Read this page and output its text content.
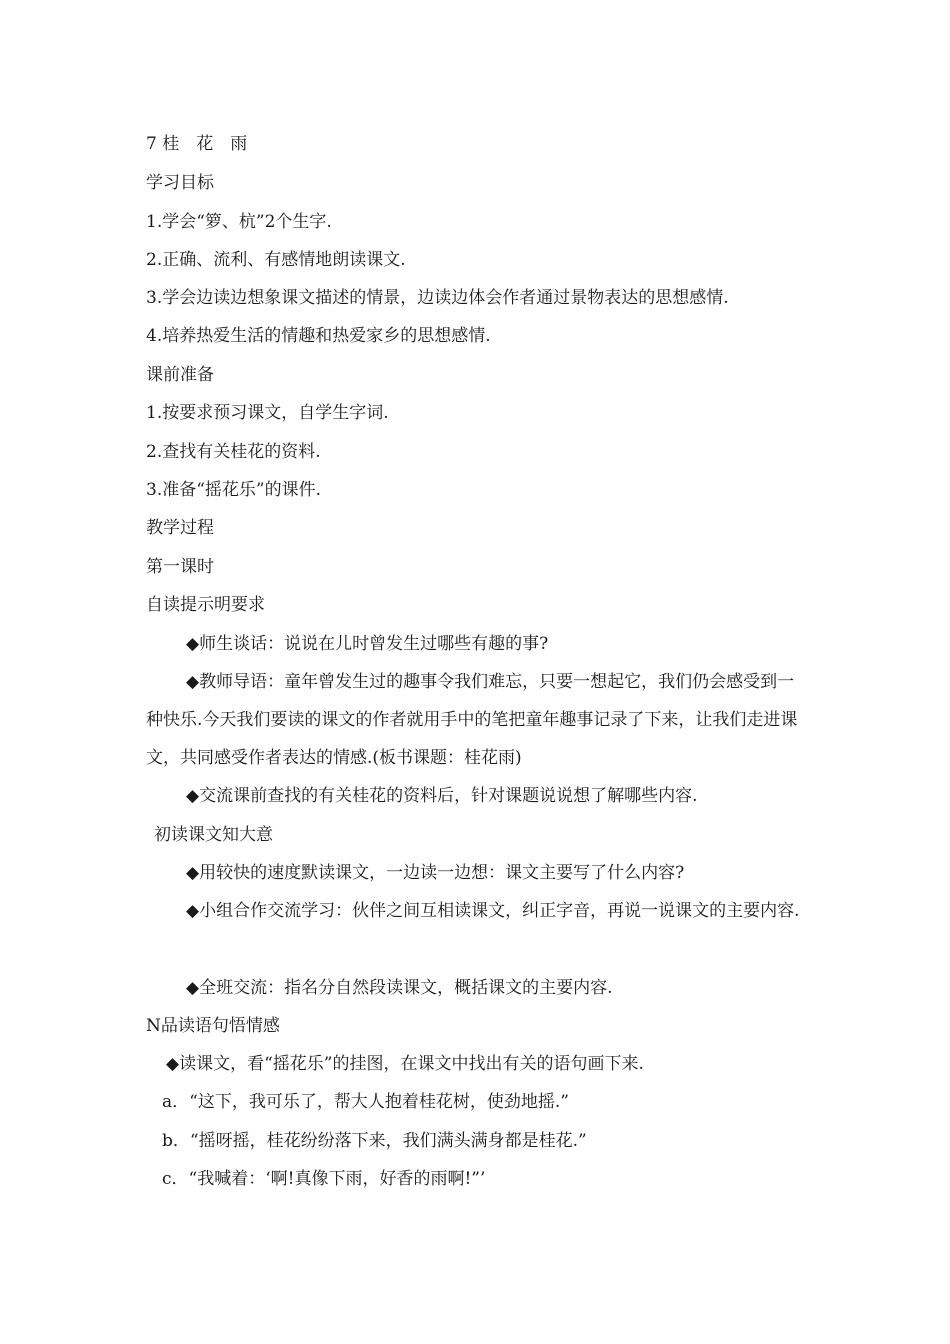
7 桂　花　雨
学习目标
1.学会“箩、杭”2个生字.
2.正确、流利、有感情地朗读课文.
3.学会边读边想象课文描述的情景，边读边体会作者通过景物表达的思想感情.
4.培养热爱生活的情趣和热爱家乡的思想感情.
课前准备
1.按要求预习课文，自学生字词.
2.查找有关桂花的资料.
3.准备“摇花乐”的课件.
教学过程
第一课时
自读提示明要求
◆师生谈话：说说在儿时曾发生过哪些有趣的事?
◆教师导语：童年曾发生过的趣事令我们难忘，只要一想起它，我们仍会感受到一种快乐.今天我们要读的课文的作者就用手中的笔把童年趣事记录了下来，让我们走进课文，共同感受作者表达的情感.(板书课题：桂花雨)
◆交流课前查找的有关桂花的资料后，针对课题说说想了解哪些内容.
初读课文知大意
◆用较快的速度默读课文，一边读一边想：课文主要写了什么内容?
◆小组合作交流学习：伙伴之间互相读课文，纠正字音，再说一说课文的主要内容.
◆全班交流：指名分自然段读课文，概括课文的主要内容.
N品读语句悟情感
◆读课文，看“摇花乐”的挂图，在课文中找出有关的语句画下来.
a．“这下，我可乐了，帮大人抱着桂花树，使劲地摇.”
b．“摇呀摇，桂花纷纷落下来，我们满头满身都是桂花.”
c．“我喊着：‘啊!真像下雨，好香的雨啊!”’
